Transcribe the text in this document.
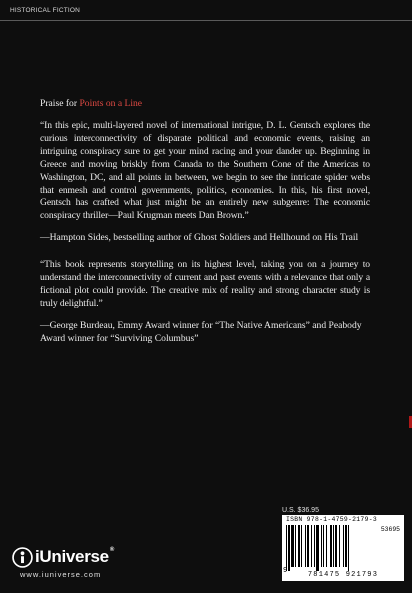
HISTORICAL FICTION
Praise for Points on a Line

“In this epic, multi-layered novel of international intrigue, D. L. Gentsch explores the curious interconnectivity of disparate political and economic events, raising an intriguing conspiracy sure to get your mind racing and your dander up. Beginning in Greece and moving briskly from Canada to the Southern Cone of the Americas to Washington, DC, and all points in between, we begin to see the intricate spider webs that enmesh and control governments, politics, economies. In this, his first novel, Gentsch has crafted what just might be an entirely new subgenre: The economic conspiracy thriller—Paul Krugman meets Dan Brown.”

—Hampton Sides, bestselling author of Ghost Soldiers and Hellhound on His Trail

“This book represents storytelling on its highest level, taking you on a journey to understand the interconnectivity of current and past events with a relevance that only a fictional plot could provide. The creative mix of reality and strong character study is truly delightful.”

—George Burdeau, Emmy Award winner for “The Native Americans” and Peabody Award winner for “Surviving Columbus”

U.S. $36.95
ISBN 978-1-4759-2179-3
53695
9	781475 921793
iUniverse®
www.iuniverse.com
